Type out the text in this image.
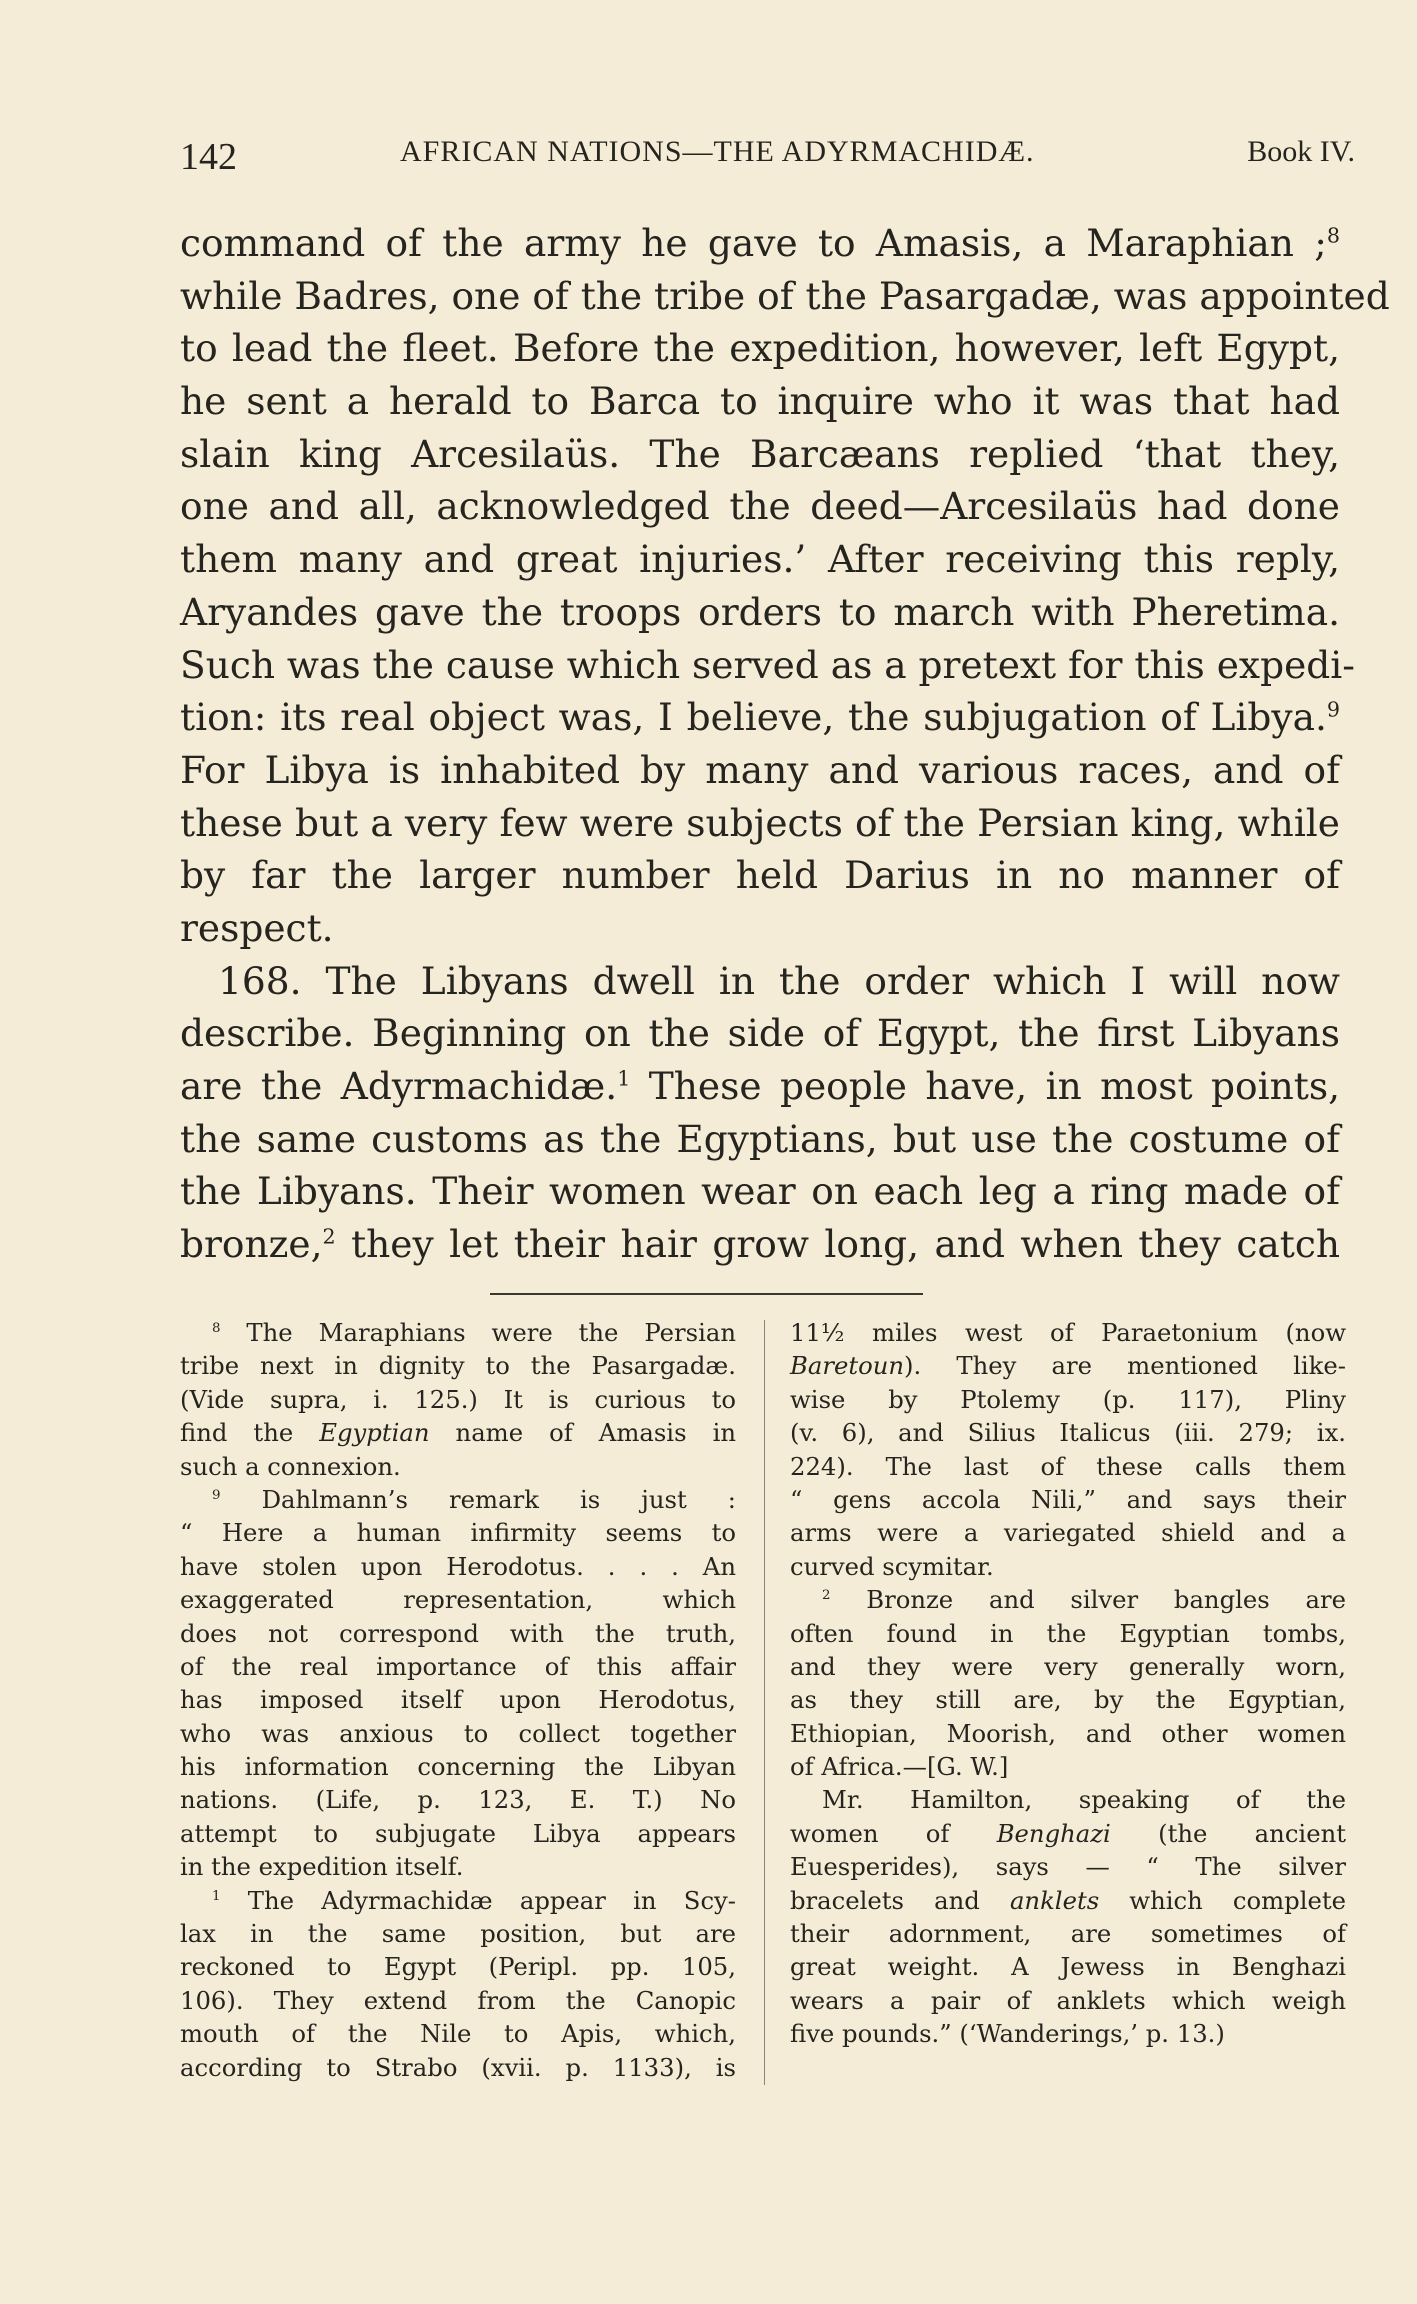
142	AFRICAN NATIONS—THE ADYRMACHIDÆ.	Book IV.
command of the army he gave to Amasis, a Maraphian ;$^8$
while Badres, one of the tribe of the Pasargadæ, was appointed
to lead the fleet. Before the expedition, however, left Egypt,
he sent a herald to Barca to inquire who it was that had
slain king Arcesilaüs. The Barcæans replied ‘that they,
one and all, acknowledged the deed—Arcesilaüs had done
them many and great injuries.’ After receiving this reply,
Aryandes gave the troops orders to march with Pheretima.
Such was the cause which served as a pretext for this expedi-
tion: its real object was, I believe, the subjugation of Libya.$^9$
For Libya is inhabited by many and various races, and of
these but a very few were subjects of the Persian king, while
by far the larger number held Darius in no manner of
respect.
168. The Libyans dwell in the order which I will now
describe. Beginning on the side of Egypt, the first Libyans
are the Adyrmachidæ.$^1$ These people have, in most points,
the same customs as the Egyptians, but use the costume of
the Libyans. Their women wear on each leg a ring made of
bronze,$^2$ they let their hair grow long, and when they catch
$^8$ The Maraphians were the Persian
tribe next in dignity to the Pasargadæ.
(Vide supra, i. 125.) It is curious to
find the Egyptian name of Amasis in
such a connexion.
$^9$ Dahlmann’s remark is just :
“ Here a human infirmity seems to
have stolen upon Herodotus. . . . An
exaggerated representation, which
does not correspond with the truth,
of the real importance of this affair
has imposed itself upon Herodotus,
who was anxious to collect together
his information concerning the Libyan
nations. (Life, p. 123, E. T.) No
attempt to subjugate Libya appears
in the expedition itself.
$^1$ The Adyrmachidæ appear in Scy-
lax in the same position, but are
reckoned to Egypt (Peripl. pp. 105,
106). They extend from the Canopic
mouth of the Nile to Apis, which,
according to Strabo (xvii. p. 1133), is
11½ miles west of Paraetonium (now
Baretoun). They are mentioned like-
wise by Ptolemy (p. 117), Pliny
(v. 6), and Silius Italicus (iii. 279; ix.
224). The last of these calls them
“ gens accola Nili,” and says their
arms were a variegated shield and a
curved scymitar.
$^2$ Bronze and silver bangles are
often found in the Egyptian tombs,
and they were very generally worn,
as they still are, by the Egyptian,
Ethiopian, Moorish, and other women
of Africa.—[G. W.]
Mr. Hamilton, speaking of the
women of Benghazi (the ancient
Euesperides), says — “ The silver
bracelets and anklets which complete
their adornment, are sometimes of
great weight. A Jewess in Benghazi
wears a pair of anklets which weigh
five pounds.” (‘Wanderings,’ p. 13.)
